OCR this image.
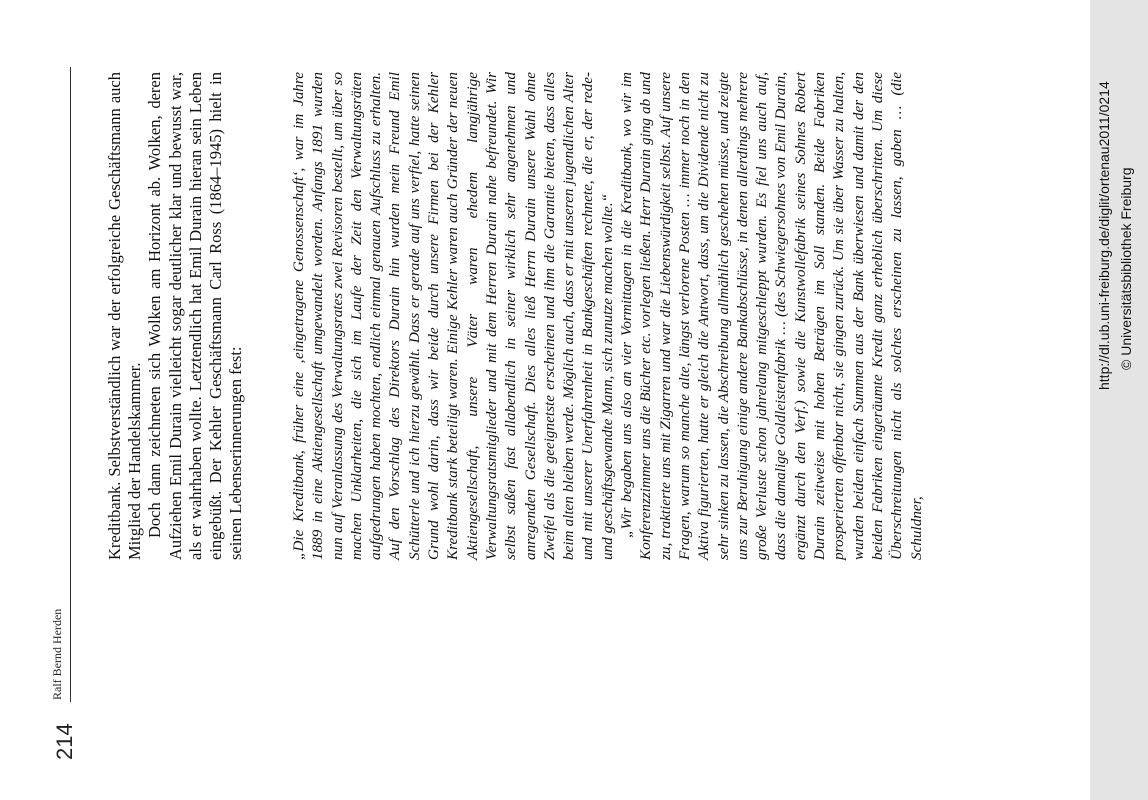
214
Ralf Bernd Herden

Kreditbank. Selbstverständlich war der erfolgreiche Geschäftsmann auch Mitglied der Handelskammer. Doch dann zeichneten sich Wolken am Horizont ab. Wolken, deren Aufziehen Emil Durain vielleicht sogar deutlicher klar und bewusst war, als er wahrhaben wollte. Letztendlich hat Emil Durain hieran sein Leben eingebüßt. Der Kehler Geschäftsmann Carl Ross (1864–1945) hielt in seinen Lebenserinnerungen fest:	„Die Kreditbank, früher eine ‚eingetragene Genossenschaft‘, war im Jahre 1889 in eine Aktiengesellschaft umgewandelt worden. Anfangs 1891 wurden nun auf Veranlassung des Verwaltungsrates zwei Revisoren bestellt, um über so machen Unklarheiten, die sich im Laufe der Zeit den Verwaltungsräten aufgedrungen haben mochten, endlich einmal genauen Aufschluss zu erhalten. Auf den Vorschlag des Direktors Durain hin wurden mein Freund Emil Schütterle und ich hierzu gewählt. Dass er gerade auf uns verfiel, hatte seinen Grund wohl darin, dass wir beide durch unsere Firmen bei der Kehler Kreditbank stark beteiligt waren. Einige Kehler waren auch Gründer der neuen Aktiengesellschaft, unsere Väter waren ehedem langjährige Verwaltungsratsmitglieder und mit dem Herren Durain nahe befreundet. Wir selbst saßen fast allabendlich in seiner wirklich sehr angenehmen und anregenden Gesellschaft. Dies alles ließ Herrn Durain unsere Wahl ohne Zweifel als die geeignetste erscheinen und ihm die Garantie bieten, dass alles beim alten bleiben werde. Möglich auch, dass er mit unseren jugendlichen Alter und mit unserer Unerfahrenheit in Bankgeschäften rechnete, die er, der rede- und geschäftsgewandte Mann, sich zunutze machen wollte.“ „Wir begaben uns also an vier Vormittagen in die Kreditbank, wo wir im Konferenzzimmer uns die Bücher etc. vorlegen ließen. Herr Durain ging ab und zu, traktierte uns mit Zigarren und war die Liebenswürdigkeit selbst. Auf unsere Fragen, warum so manche alte, längst verlorene Posten … immer noch in den Aktiva figurierten, hatte er gleich die Antwort, dass, um die Dividende nicht zu sehr sinken zu lassen, die Abschreibung allmählich geschehen müsse, und zeigte uns zur Beruhigung einige andere Bankabschlüsse, in denen allerdings mehrere große Verluste schon jahrelang mitgeschleppt wurden. Es fiel uns auch auf, dass die damalige Goldleistenfabrik … (des Schwiegersohnes von Emil Durain, ergänzt durch den Verf.) sowie die Kunstwollefabrik seines Sohnes Robert Durain zeitweise mit hohen Beträgen im Soll standen. Beide Fabriken prosperierten offenbar nicht, sie gingen zurück. Um sie über Wasser zu halten, wurden beiden einfach Summen aus der Bank überwiesen und damit der den beiden Fabriken eingeräumte Kredit ganz erheblich überschritten. Um diese Überschreitungen nicht als solches erscheinen zu lassen, gaben … (die Schuldner,

http://dl.ub.uni-freiburg.de/diglit/ortenau2011/0214 © Universitätsbibliothek Freiburg
